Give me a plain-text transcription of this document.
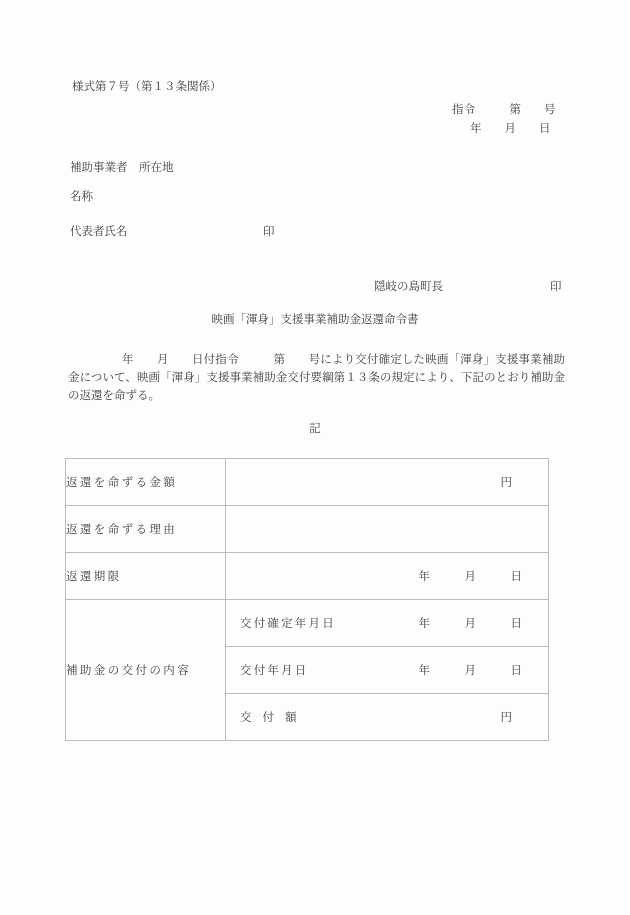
様式第７号（第１３条関係）
指令　　　第　　号
年　　月　　日
補助事業者　所在地
名称
代表者氏名	印
隠岐の島町長	印
映画「渾身」支援事業補助金返還命令書
年　　月　　日付指令　　　第　　号により交付確定した映画「渾身」支援事業補助金について、映画「渾身」支援事業補助金交付要綱第１３条の規定により、下記のとおり補助金の返還を命ずる。
記
返還を命ずる金額	円

返還を命ずる理由	
返還期限	年　　　月　　　日

補助金の交付の内容	交付確定年月日 年　　　月　　　日

	交付年月日 年　　　月　　　日

	交付額 円
